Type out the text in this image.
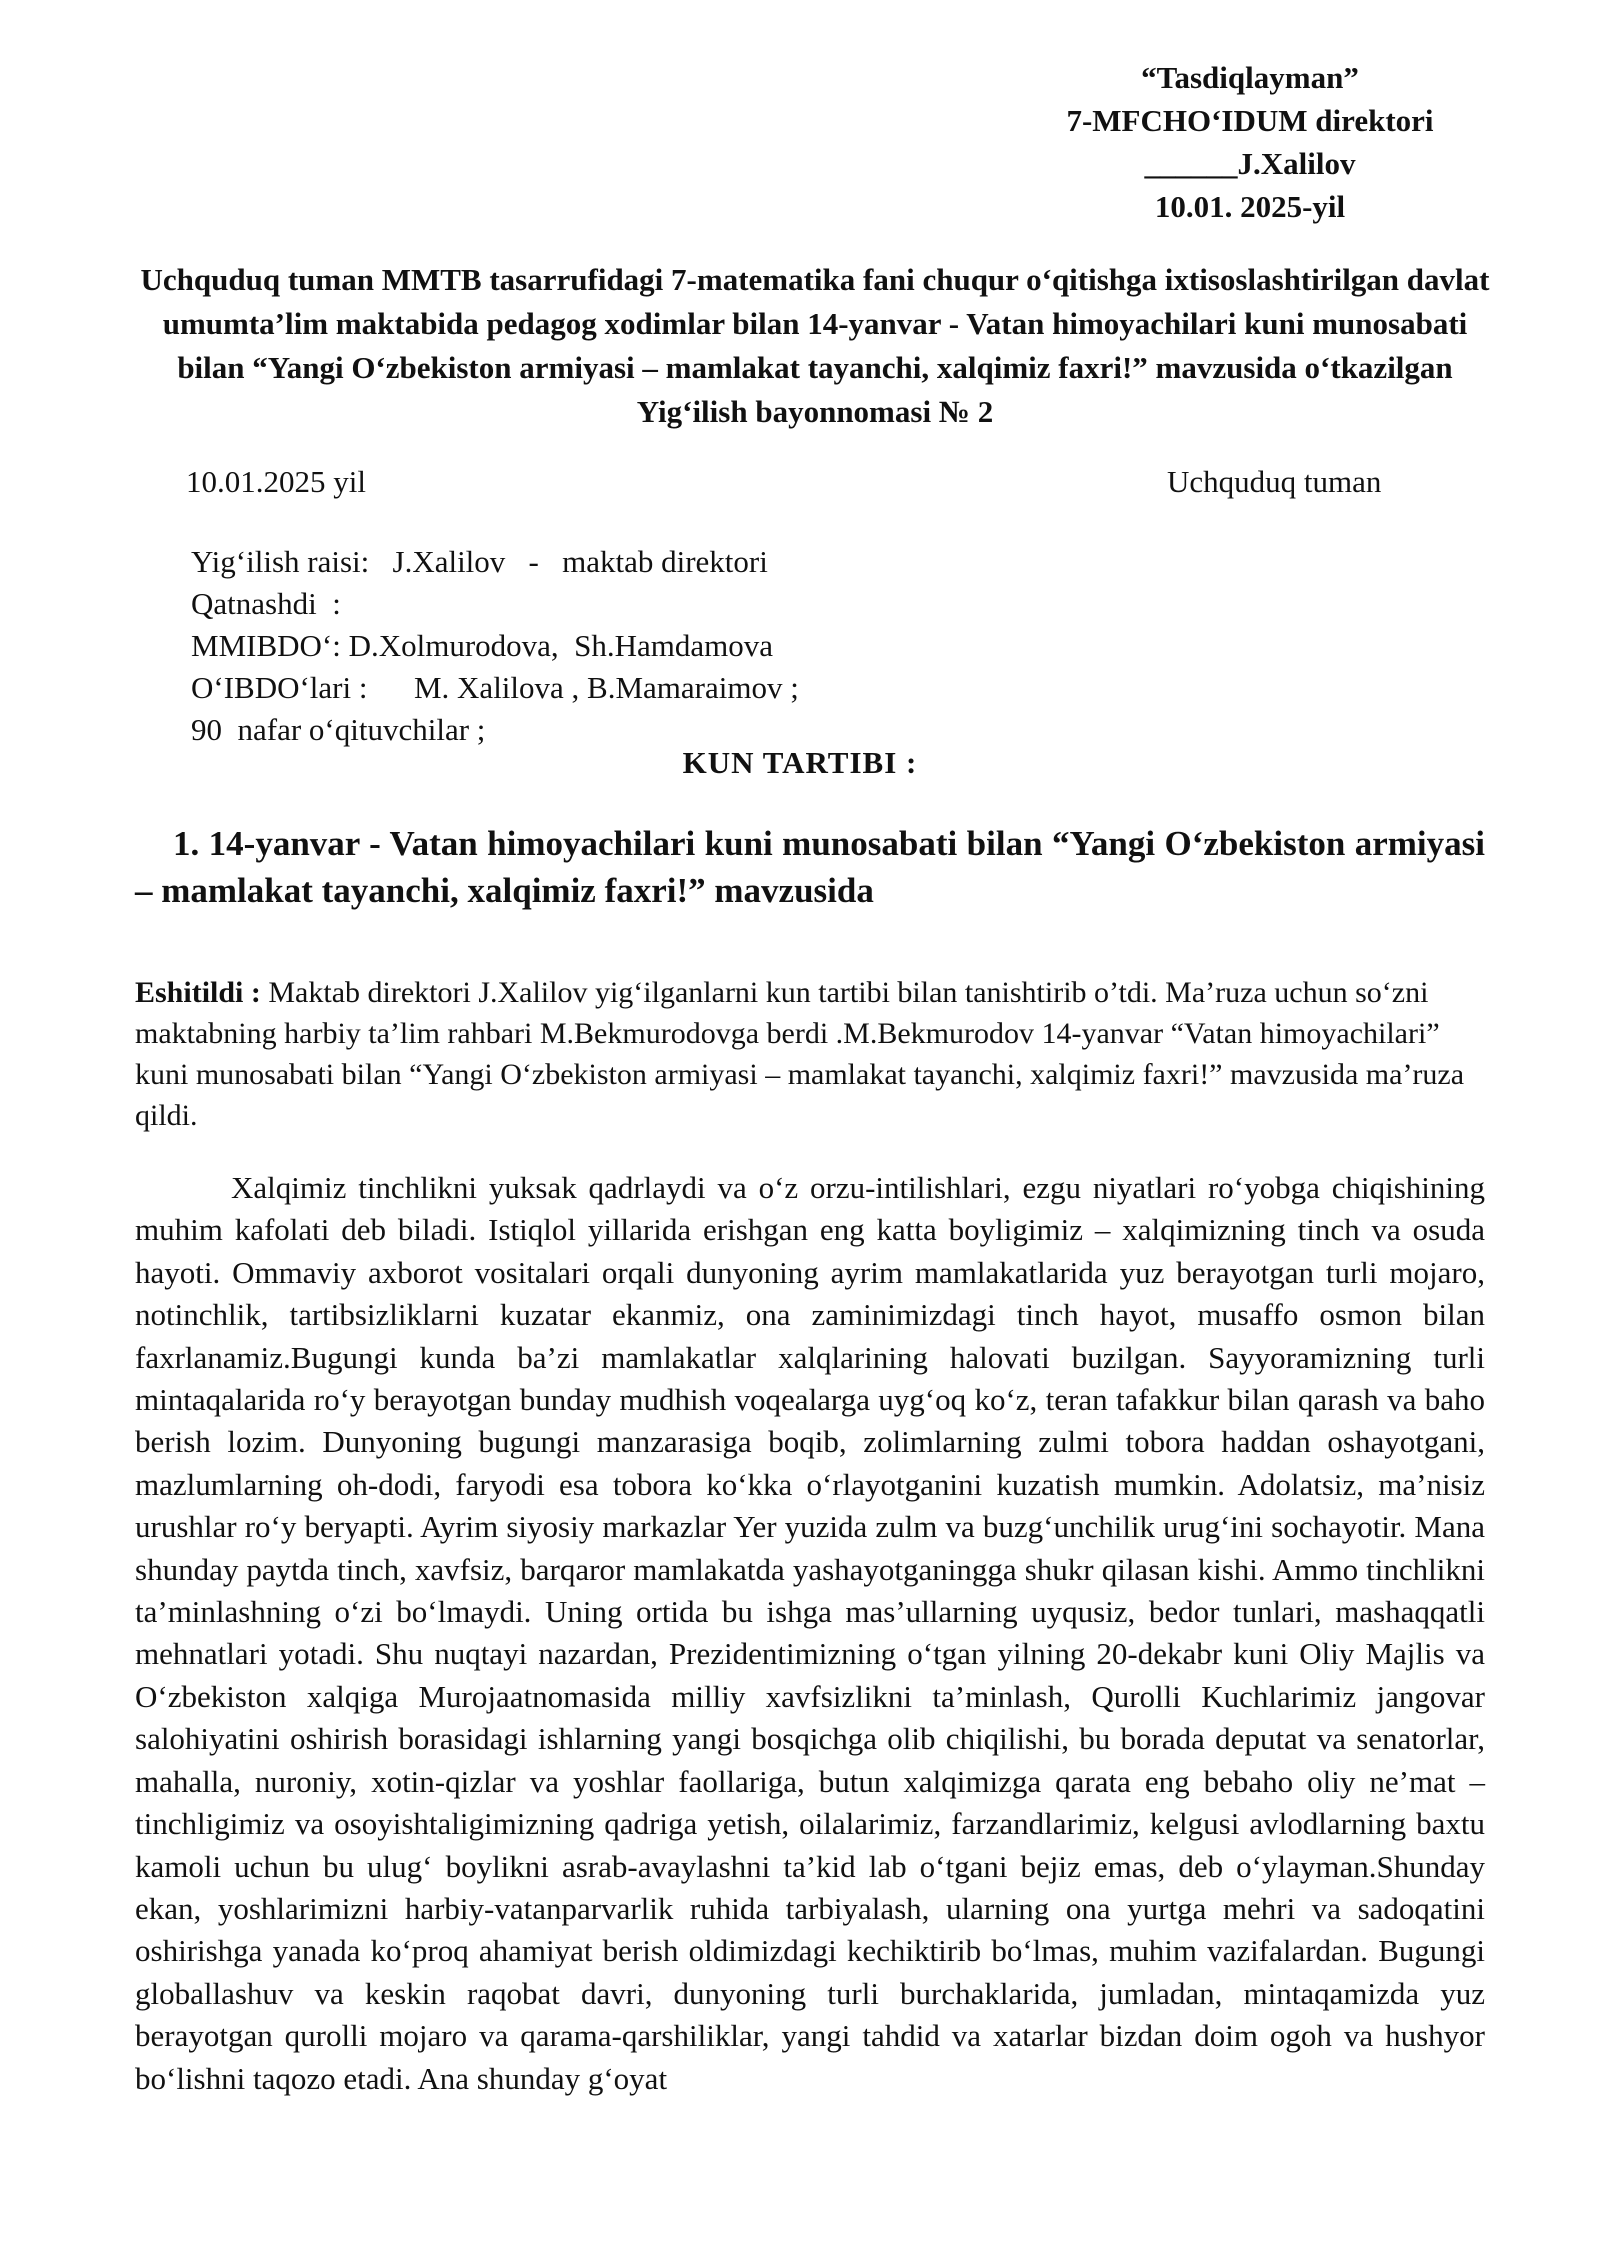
“Tasdiqlayman”
7-MFCHO‘IDUM direktori
______J.Xalilov
10.01. 2025-yil
Uchquduq tuman MMTB tasarrufidagi 7-matematika fani chuqur o‘qitishga ixtisoslashtirilgan davlat umumta’lim maktabida pedagog xodimlar bilan 14-yanvar - Vatan himoyachilari kuni munosabati bilan “Yangi O‘zbekiston armiyasi – mamlakat tayanchi, xalqimiz faxri!” mavzusida o‘tkazilgan
Yig‘ilish bayonnomasi № 2
10.01.2025 yil	Uchquduq tuman
Yig‘ilish raisi:   J.Xalilov   -   maktab direktori
Qatnashdi  :
MMIBDO‘: D.Xolmurodova,  Sh.Hamdamova
O‘IBDO‘lari :      M. Xalilova , B.Mamaraimov ;
90  nafar o‘qituvchilar ;
KUN TARTIBI :
1. 14-yanvar - Vatan himoyachilari kuni munosabati bilan “Yangi O‘zbekiston armiyasi – mamlakat tayanchi, xalqimiz faxri!” mavzusida
Eshitildi : Maktab direktori J.Xalilov yig‘ilganlarni kun tartibi bilan tanishtirib o’tdi. Ma’ruza uchun so‘zni maktabning harbiy ta’lim rahbari M.Bekmurodovga berdi .M.Bekmurodov 14-yanvar “Vatan himoyachilari” kuni munosabati bilan “Yangi O‘zbekiston armiyasi – mamlakat tayanchi, xalqimiz faxri!” mavzusida ma’ruza qildi.
Xalqimiz tinchlikni yuksak qadrlaydi va o‘z orzu-intilishlari, ezgu niyatlari ro‘yobga chiqishining muhim kafolati deb biladi. Istiqlol yillarida erishgan eng katta boyligimiz – xalqimizning tinch va osuda hayoti. Ommaviy axborot vositalari orqali dunyoning ayrim mamlakatlarida yuz berayotgan turli mojaro, notinchlik, tartibsizliklarni kuzatar ekanmiz, ona zaminimizdagi tinch hayot, musaffo osmon bilan faxrlanamiz.Bugungi kunda ba’zi mamlakatlar xalqlarining halovati buzilgan. Sayyoramizning turli mintaqalarida ro‘y berayotgan bunday mudhish voqealarga uyg‘oq ko‘z, teran tafakkur bilan qarash va baho berish lozim. Dunyoning bugungi manzarasiga boqib, zolimlarning zulmi tobora haddan oshayotgani, mazlumlarning oh-dodi, faryodi esa tobora ko‘kka o‘rlayotganini kuzatish mumkin. Adolatsiz, ma’nisiz urushlar ro‘y beryapti. Ayrim siyosiy markazlar Yer yuzida zulm va buzg‘unchilik urug‘ini sochayotir. Mana shunday paytda tinch, xavfsiz, barqaror mamlakatda yashayotganingga shukr qilasan kishi. Ammo tinchlikni ta’minlashning o‘zi bo‘lmaydi. Uning ortida bu ishga mas’ullarning uyqusiz, bedor tunlari, mashaqqatli mehnatlari yotadi. Shu nuqtayi nazardan, Prezidentimizning o‘tgan yilning 20-dekabr kuni Oliy Majlis va O‘zbekiston xalqiga Murojaatnomasida milliy xavfsizlikni ta’minlash, Qurolli Kuchlarimiz jangovar salohiyatini oshirish borasidagi ishlarning yangi bosqichga olib chiqilishi, bu borada deputat va senatorlar, mahalla, nuroniy, xotin-qizlar va yoshlar faollariga, butun xalqimizga qarata eng bebaho oliy ne’mat – tinchligimiz va osoyishtaligimizning qadriga yetish, oilalarimiz, farzandlarimiz, kelgusi avlodlarning baxtu kamoli uchun bu ulug‘ boylikni asrab-avaylashni ta’kid lab o‘tgani bejiz emas, deb o‘ylayman.Shunday ekan, yoshlarimizni harbiy-vatanparvarlik ruhida tarbiyalash, ularning ona yurtga mehri va sadoqatini oshirishga yanada ko‘proq ahamiyat berish oldimizdagi kechiktirib bo‘lmas, muhim vazifalardan. Bugungi globallashuv va keskin raqobat davri, dunyoning turli burchaklarida, jumladan, mintaqamizda yuz berayotgan qurolli mojaro va qarama-qarshiliklar, yangi tahdid va xatarlar bizdan doim ogoh va hushyor bo‘lishni taqozo etadi. Ana shunday g‘oyat
